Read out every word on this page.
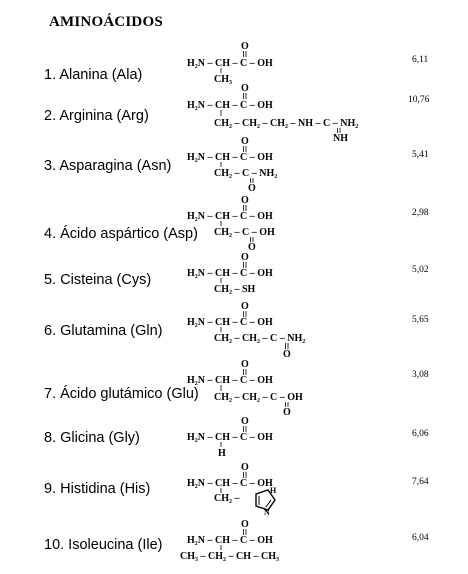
AMINOÁCIDOS
1. Alanina (Ala)
2. Arginina (Arg)
3. Asparagina (Asn)
4. Ácido aspártico (Asp)
5. Cisteina (Cys)
6. Glutamina (Gln)
7. Ácido glutámico (Glu)
8. Glicina (Gly)
9. Histidina (His)
10. Isoleucina (Ile)
6,11
10,76
5,41
2,98
5,02
5,65
3,08
6,06
7,64
6,04
O
H₂N – CH – C – OH
CH₃
O
H₂N – CH – C – OH
CH₂ – CH₂ – CH₂ – NH – C – NH₂
NH
O
H₂N – CH – C – OH
CH₂ – C – NH₂
O
O
H₂N – CH – C – OH
CH₂ – C – OH
O
O
H₂N – CH – C – OH
CH₂ – SH
O
H₂N – CH – C – OH
CH₂ – CH₂ – C – NH₂
O
O
H₂N – CH – C – OH
CH₂ – CH₂ – C – OH
O
O
H₂N – CH – C – OH
H
O
H₂N – CH – C – OH
CH₂ –
H
N
O
H₂N – CH – C – OH
CH₃ – CH₂ – CH – CH₃
